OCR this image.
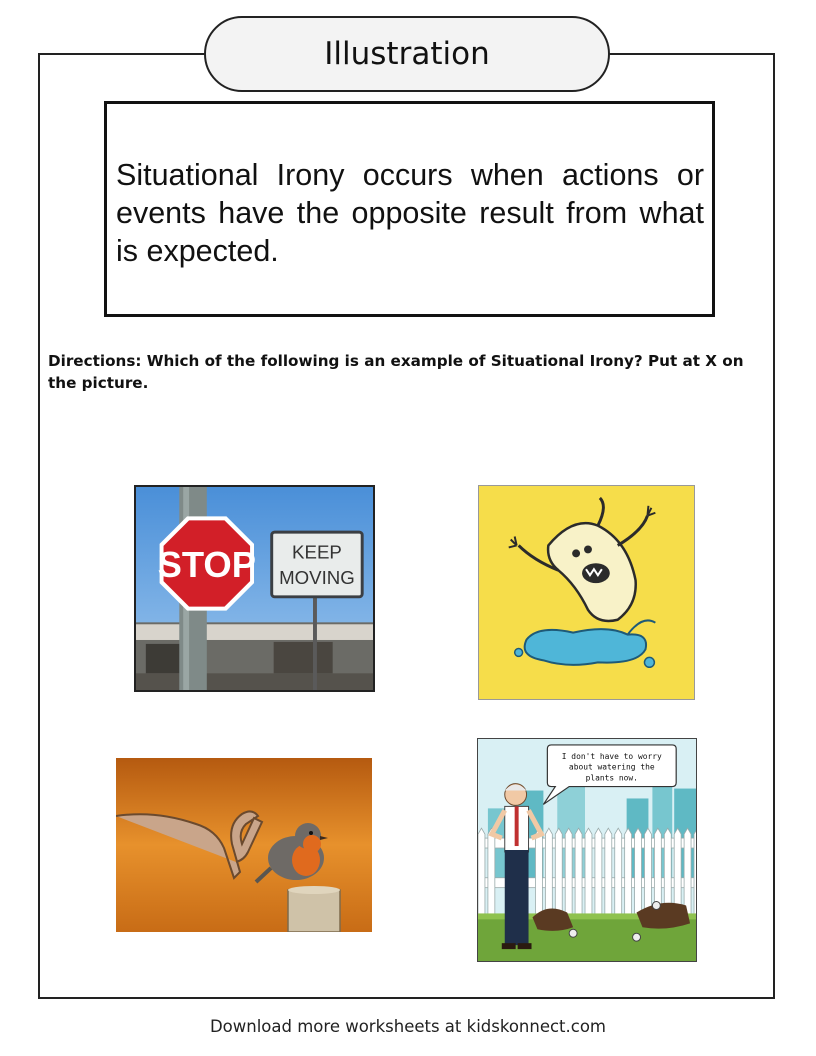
Illustration
Situational Irony occurs when actions or events have the opposite result from what is expected.
Directions: Which of the following is an example of Situational Irony? Put at X on the picture.
STOP KEEP
MOVING
I don't have to worry
about watering the
plants now.
Download more worksheets at kidskonnect.com
